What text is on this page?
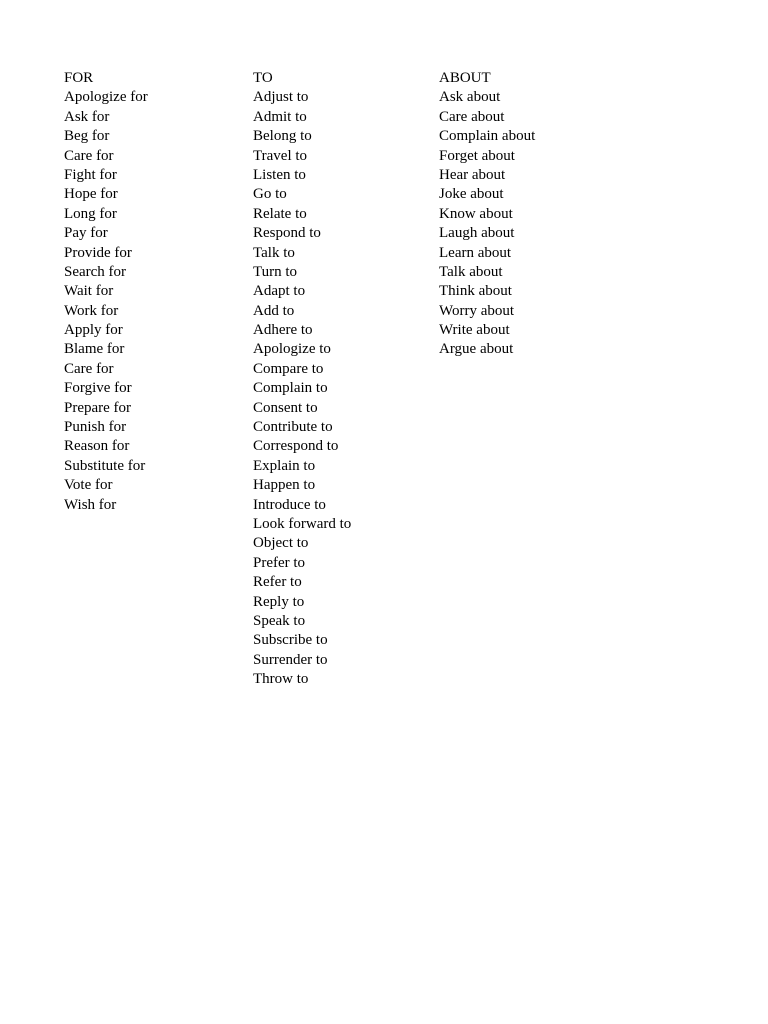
FOR
Apologize for
Ask for
Beg for
Care for
Fight for
Hope for
Long for
Pay for
Provide for
Search for
Wait for
Work for
Apply for
Blame for
Care for
Forgive for
Prepare for
Punish for
Reason for
Substitute for
Vote for
Wish for
TO
Adjust to
Admit to
Belong to
Travel to
Listen to
Go to
Relate to
Respond to
Talk to
Turn to
Adapt to
Add to
Adhere to
Apologize to
Compare to
Complain to
Consent to
Contribute to
Correspond to
Explain to
Happen to
Introduce to
Look forward to
Object to
Prefer to
Refer to
Reply to
Speak to
Subscribe to
Surrender to
Throw to
ABOUT
Ask about
Care about
Complain about
Forget about
Hear about
Joke about
Know about
Laugh about
Learn about
Talk about
Think about
Worry about
Write about
Argue about
